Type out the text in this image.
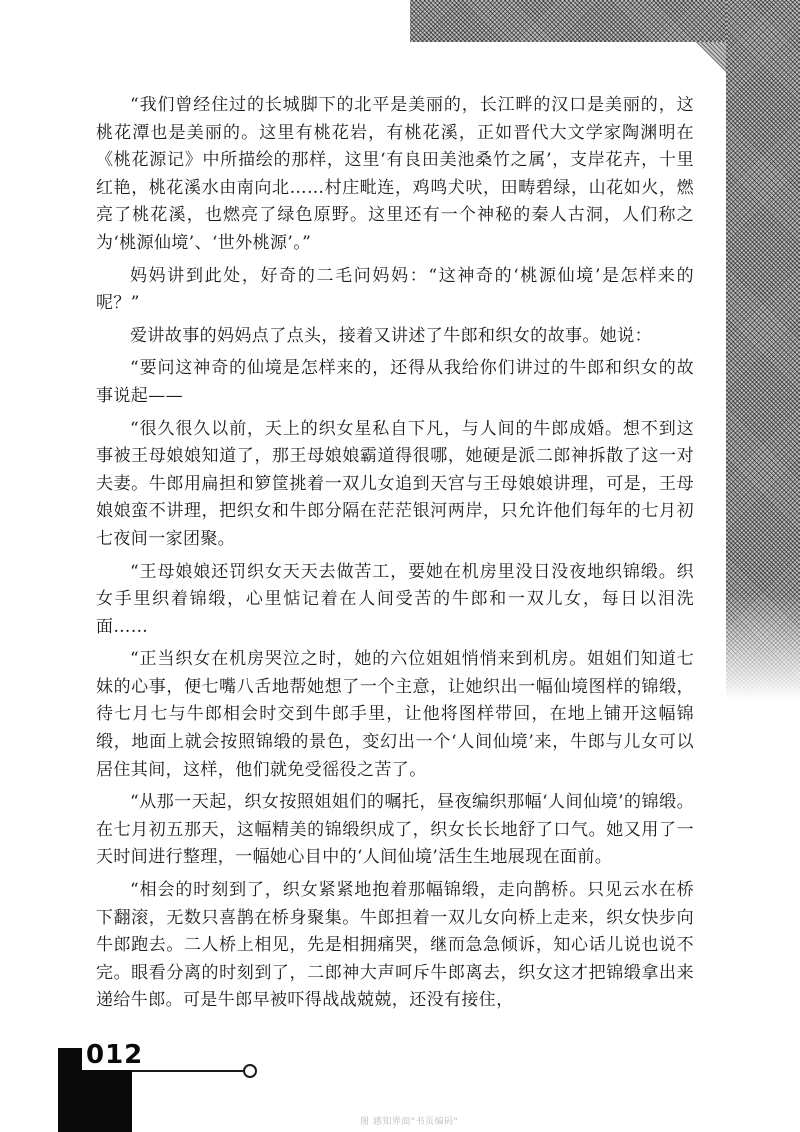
“我们曾经住过的长城脚下的北平是美丽的，长江畔的汉口是美丽的，这桃花潭也是美丽的。这里有桃花岩，有桃花溪，正如晋代大文学家陶渊明在《桃花源记》中所描绘的那样，这里‘有良田美池桑竹之属’，支岸花卉，十里红艳，桃花溪水由南向北……村庄毗连，鸡鸣犬吠，田畴碧绿，山花如火，燃亮了桃花溪，也燃亮了绿色原野。这里还有一个神秘的秦人古洞，人们称之为‘桃源仙境’、‘世外桃源’。”

妈妈讲到此处，好奇的二毛问妈妈：“这神奇的‘桃源仙境’是怎样来的呢？”

爱讲故事的妈妈点了点头，接着又讲述了牛郎和织女的故事。她说：

“要问这神奇的仙境是怎样来的，还得从我给你们讲过的牛郎和织女的故事说起——

“很久很久以前，天上的织女星私自下凡，与人间的牛郎成婚。想不到这事被王母娘娘知道了，那王母娘娘霸道得很哪，她硬是派二郎神拆散了这一对夫妻。牛郎用扁担和箩筐挑着一双儿女追到天宫与王母娘娘讲理，可是，王母娘娘蛮不讲理，把织女和牛郎分隔在茫茫银河两岸，只允许他们每年的七月初七夜间一家团聚。

“王母娘娘还罚织女天天去做苦工，要她在机房里没日没夜地织锦缎。织女手里织着锦缎，心里惦记着在人间受苦的牛郎和一双儿女，每日以泪洗面……

“正当织女在机房哭泣之时，她的六位姐姐悄悄来到机房。姐姐们知道七妹的心事，便七嘴八舌地帮她想了一个主意，让她织出一幅仙境图样的锦缎，待七月七与牛郎相会时交到牛郎手里，让他将图样带回，在地上铺开这幅锦缎，地面上就会按照锦缎的景色，变幻出一个‘人间仙境’来，牛郎与儿女可以居住其间，这样，他们就免受徭役之苦了。

“从那一天起，织女按照姐姐们的嘱托，昼夜编织那幅‘人间仙境’的锦缎。在七月初五那天，这幅精美的锦缎织成了，织女长长地舒了口气。她又用了一天时间进行整理，一幅她心目中的‘人间仙境’活生生地展现在面前。

“相会的时刻到了，织女紧紧地抱着那幅锦缎，走向鹊桥。只见云水在桥下翻滚，无数只喜鹊在桥身聚集。牛郎担着一双儿女向桥上走来，织女快步向牛郎跑去。二人桥上相见，先是相拥痛哭，继而急急倾诉，知心话儿说也说不完。眼看分离的时刻到了，二郎神大声呵斥牛郎离去，织女这才把锦缎拿出来递给牛郎。可是牛郎早被吓得战战兢兢，还没有接住，

012
图 感知界面"书页编码"
